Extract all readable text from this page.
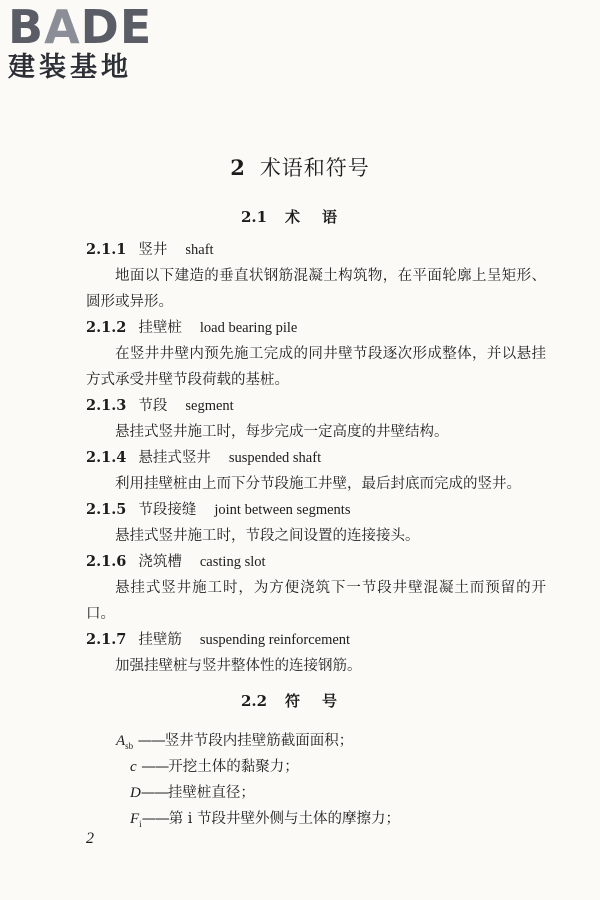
BADE
建装基地
2 术语和符号
2.1 术语
2.1.1 竖井 shaft
地面以下建造的垂直状钢筋混凝土构筑物，在平面轮廓上呈矩形、圆形或异形。
2.1.2 挂壁桩 load bearing pile
在竖井井壁内预先施工完成的同井壁节段逐次形成整体，并以悬挂方式承受井壁节段荷载的基桩。
2.1.3 节段 segment
悬挂式竖井施工时，每步完成一定高度的井壁结构。
2.1.4 悬挂式竖井 suspended shaft
利用挂壁桩由上而下分节段施工井壁，最后封底而完成的竖井。
2.1.5 节段接缝 joint between segments
悬挂式竖井施工时，节段之间设置的连接接头。
2.1.6 浇筑槽 casting slot
悬挂式竖井施工时，为方便浇筑下一节段井壁混凝土而预留的开口。
2.1.7 挂壁筋 suspending reinforcement
加强挂壁桩与竖井整体性的连接钢筋。
2.2 符号
$A_{sb}$ ——竖井节段内挂壁筋截面面积；
c ——开挖土体的黏聚力；
D——挂壁桩直径；
$F_i——$第 i 节段井壁外侧与土体的摩擦力；
2
